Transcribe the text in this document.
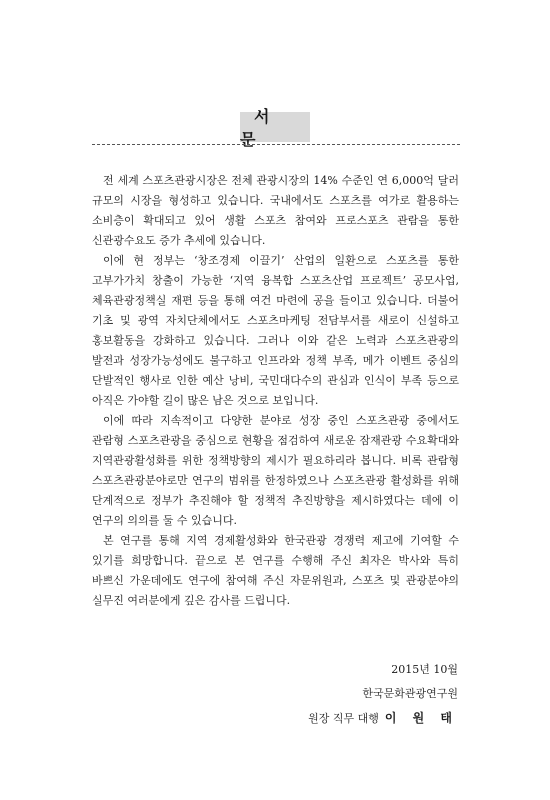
서 문

전 세계 스포츠관광시장은 전체 관광시장의 14% 수준인 연 6,000억 달러 규모의 시장을 형성하고 있습니다. 국내에서도 스포츠를 여가로 활용하는 소비층이 확대되고 있어 생활 스포츠 참여와 프로스포츠 관람을 통한 신관광수요도 증가 추세에 있습니다.

이에 현 정부는 ‘창조경제 이끌기’ 산업의 일환으로 스포츠를 통한 고부가가치 창출이 가능한 ‘지역 융복합 스포츠산업 프로젝트’ 공모사업, 체육관광정책실 재편 등을 통해 여건 마련에 공을 들이고 있습니다. 더불어 기초 및 광역 자치단체에서도 스포츠마케팅 전담부서를 새로이 신설하고 홍보활동을 강화하고 있습니다. 그러나 이와 같은 노력과 스포츠관광의 발전과 성장가능성에도 불구하고 인프라와 정책 부족, 메가 이벤트 중심의 단발적인 행사로 인한 예산 낭비, 국민대다수의 관심과 인식이 부족 등으로 아직은 가야할 길이 많은 남은 것으로 보입니다.

이에 따라 지속적이고 다양한 분야로 성장 중인 스포츠관광 중에서도 관람형 스포츠관광을 중심으로 현황을 점검하여 새로운 잠재관광 수요확대와 지역관광활성화를 위한 정책방향의 제시가 필요하리라 봅니다. 비록 관람형 스포츠관광분야로만 연구의 범위를 한정하였으나 스포츠관광 활성화를 위해 단계적으로 정부가 추진해야 할 정책적 추진방향을 제시하였다는 데에 이 연구의 의의를 둘 수 있습니다.

본 연구를 통해 지역 경제활성화와 한국관광 경쟁력 제고에 기여할 수 있기를 희망합니다. 끝으로 본 연구를 수행해 주신 최자은 박사와 특히 바쁘신 가운데에도 연구에 참여해 주신 자문위원과, 스포츠 및 관광분야의 실무진 여러분에게 깊은 감사를 드립니다.

2015년 10월
한국문화관광연구원
원장 직무 대행 이 원 태
